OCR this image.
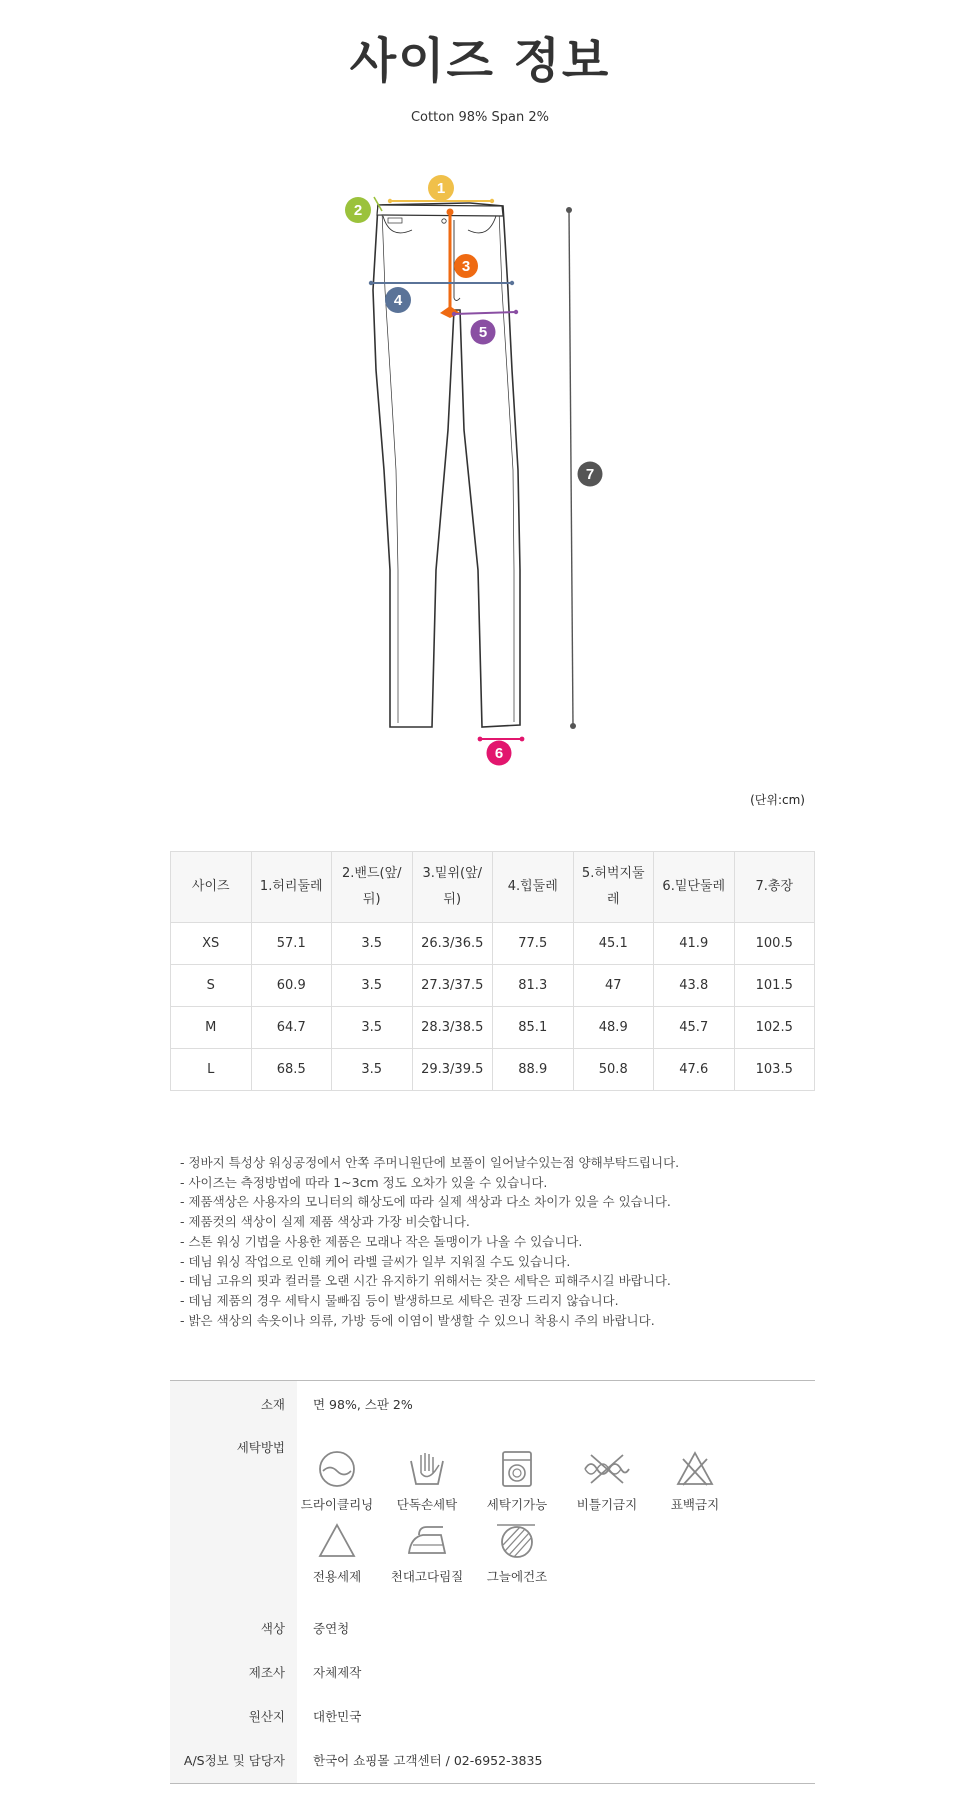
사이즈 정보
Cotton 98% Span 2%
1
2
3
4
5
6
7
(단위:cm)
사이즈	1.허리둘레	2.밴드(앞/뒤)	3.밑위(앞/뒤)	4.힙둘레	5.허벅지둘레	6.밑단둘레	7.총장
XS	57.1	3.5	26.3/36.5	77.5	45.1	41.9	100.5
S	60.9	3.5	27.3/37.5	81.3	47	43.8	101.5
M	64.7	3.5	28.3/38.5	85.1	48.9	45.7	102.5
L	68.5	3.5	29.3/39.5	88.9	50.8	47.6	103.5
- 정바지 특성상 워싱공정에서 안쪽 주머니원단에 보풀이 일어날수있는점 양해부탁드립니다.
- 사이즈는 측정방법에 따라 1~3cm 정도 오차가 있을 수 있습니다.
- 제품색상은 사용자의 모니터의 해상도에 따라 실제 색상과 다소 차이가 있을 수 있습니다.
- 제품컷의 색상이 실제 제품 색상과 가장 비슷합니다.
- 스톤 워싱 기법을 사용한 제품은 모래나 작은 돌맹이가 나올 수 있습니다.
- 데님 워싱 작업으로 인해 케어 라벨 글씨가 일부 지워질 수도 있습니다.
- 데님 고유의 핏과 컬러를 오랜 시간 유지하기 위해서는 잦은 세탁은 피해주시길 바랍니다.
- 데님 제품의 경우 세탁시 물빠짐 등이 발생하므로 세탁은 권장 드리지 않습니다.
- 밝은 색상의 속옷이나 의류, 가방 등에 이염이 발생할 수 있으니 착용시 주의 바랍니다.
소재	면 98%, 스판 2%
세탁방법
드라이클리닝	단독손세탁	세탁기가능	비틀기금지	표백금지
전용세제	천대고다림질	그늘에건조
색상	중연청
제조사	자체제작
원산지	대한민국
A/S정보 및 담당자	한국어 쇼핑몰 고객센터 / 02-6952-3835
